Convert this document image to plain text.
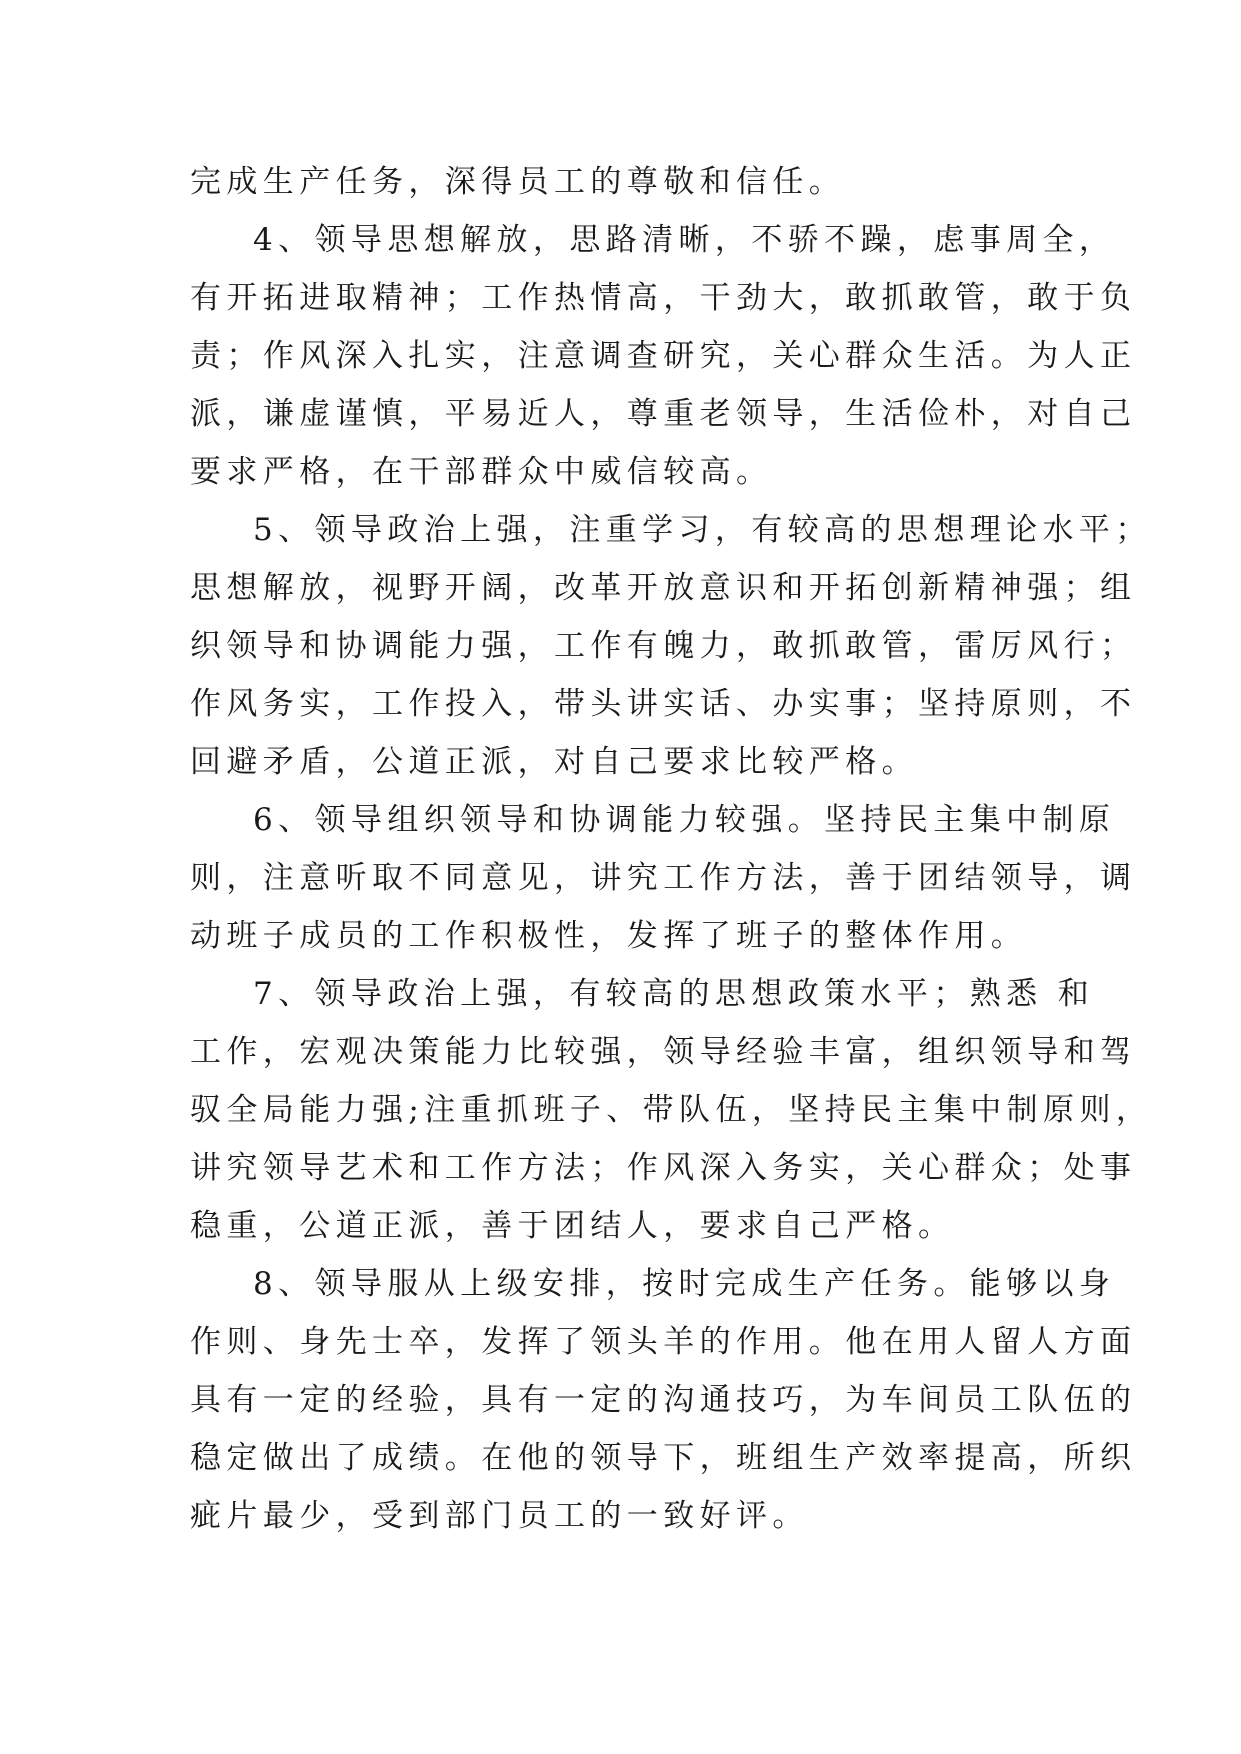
完成生产任务，深得员工的尊敬和信任。
4、领导思想解放，思路清晰，不骄不躁，虑事周全，
有开拓进取精神；工作热情高，干劲大，敢抓敢管，敢于负
责；作风深入扎实，注意调查研究，关心群众生活。为人正
派，谦虚谨慎，平易近人，尊重老领导，生活俭朴，对自己
要求严格，在干部群众中威信较高。
5、领导政治上强，注重学习，有较高的思想理论水平；
思想解放，视野开阔，改革开放意识和开拓创新精神强；组
织领导和协调能力强，工作有魄力，敢抓敢管，雷厉风行；
作风务实，工作投入，带头讲实话、办实事；坚持原则，不
回避矛盾，公道正派，对自己要求比较严格。
6、领导组织领导和协调能力较强。坚持民主集中制原
则，注意听取不同意见，讲究工作方法，善于团结领导，调
动班子成员的工作积极性，发挥了班子的整体作用。
7、领导政治上强，有较高的思想政策水平；熟悉 和
工作，宏观决策能力比较强，领导经验丰富，组织领导和驾
驭全局能力强;注重抓班子、带队伍，坚持民主集中制原则，
讲究领导艺术和工作方法；作风深入务实，关心群众；处事
稳重，公道正派，善于团结人，要求自己严格。
8、领导服从上级安排，按时完成生产任务。能够以身
作则、身先士卒，发挥了领头羊的作用。他在用人留人方面
具有一定的经验，具有一定的沟通技巧，为车间员工队伍的
稳定做出了成绩。在他的领导下，班组生产效率提高，所织
疵片最少，受到部门员工的一致好评。
